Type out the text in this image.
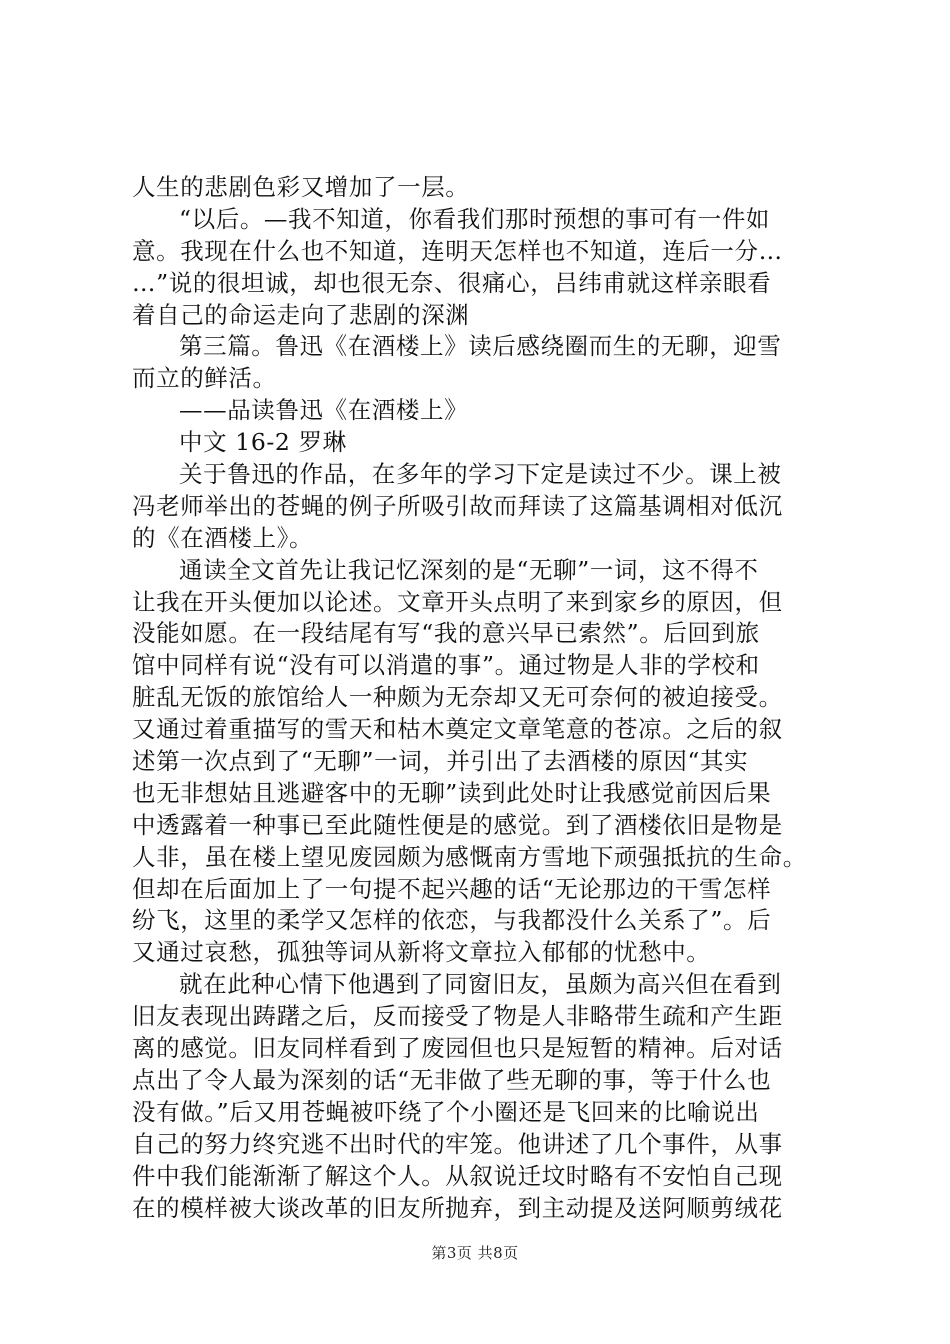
人生的悲剧色彩又增加了一层。
“以后。—我不知道，你看我们那时预想的事可有一件如
意。我现在什么也不知道，连明天怎样也不知道，连后一分…
…”说的很坦诚，却也很无奈、很痛心，吕纬甫就这样亲眼看
着自己的命运走向了悲剧的深渊
第三篇。鲁迅《在酒楼上》读后感绕圈而生的无聊，迎雪
而立的鲜活。
——品读鲁迅《在酒楼上》
中文 16-2 罗琳
关于鲁迅的作品，在多年的学习下定是读过不少。课上被
冯老师举出的苍蝇的例子所吸引故而拜读了这篇基调相对低沉
的《在酒楼上》。
通读全文首先让我记忆深刻的是“无聊”一词，这不得不
让我在开头便加以论述。文章开头点明了来到家乡的原因，但
没能如愿。在一段结尾有写“我的意兴早已索然”。后回到旅
馆中同样有说“没有可以消遣的事”。通过物是人非的学校和
脏乱无饭的旅馆给人一种颇为无奈却又无可奈何的被迫接受。
又通过着重描写的雪天和枯木奠定文章笔意的苍凉。之后的叙
述第一次点到了“无聊”一词，并引出了去酒楼的原因“其实
也无非想姑且逃避客中的无聊”读到此处时让我感觉前因后果
中透露着一种事已至此随性便是的感觉。到了酒楼依旧是物是
人非，虽在楼上望见废园颇为感慨南方雪地下顽强抵抗的生命。
但却在后面加上了一句提不起兴趣的话“无论那边的干雪怎样
纷飞，这里的柔学又怎样的依恋，与我都没什么关系了”。后
又通过哀愁，孤独等词从新将文章拉入郁郁的忧愁中。
就在此种心情下他遇到了同窗旧友，虽颇为高兴但在看到
旧友表现出踌躇之后，反而接受了物是人非略带生疏和产生距
离的感觉。旧友同样看到了废园但也只是短暂的精神。后对话
点出了令人最为深刻的话“无非做了些无聊的事，等于什么也
没有做。”后又用苍蝇被吓绕了个小圈还是飞回来的比喻说出
自己的努力终究逃不出时代的牢笼。他讲述了几个事件，从事
件中我们能渐渐了解这个人。从叙说迁坟时略有不安怕自己现
在的模样被大谈改革的旧友所抛弃，到主动提及送阿顺剪绒花
第3页 共8页
